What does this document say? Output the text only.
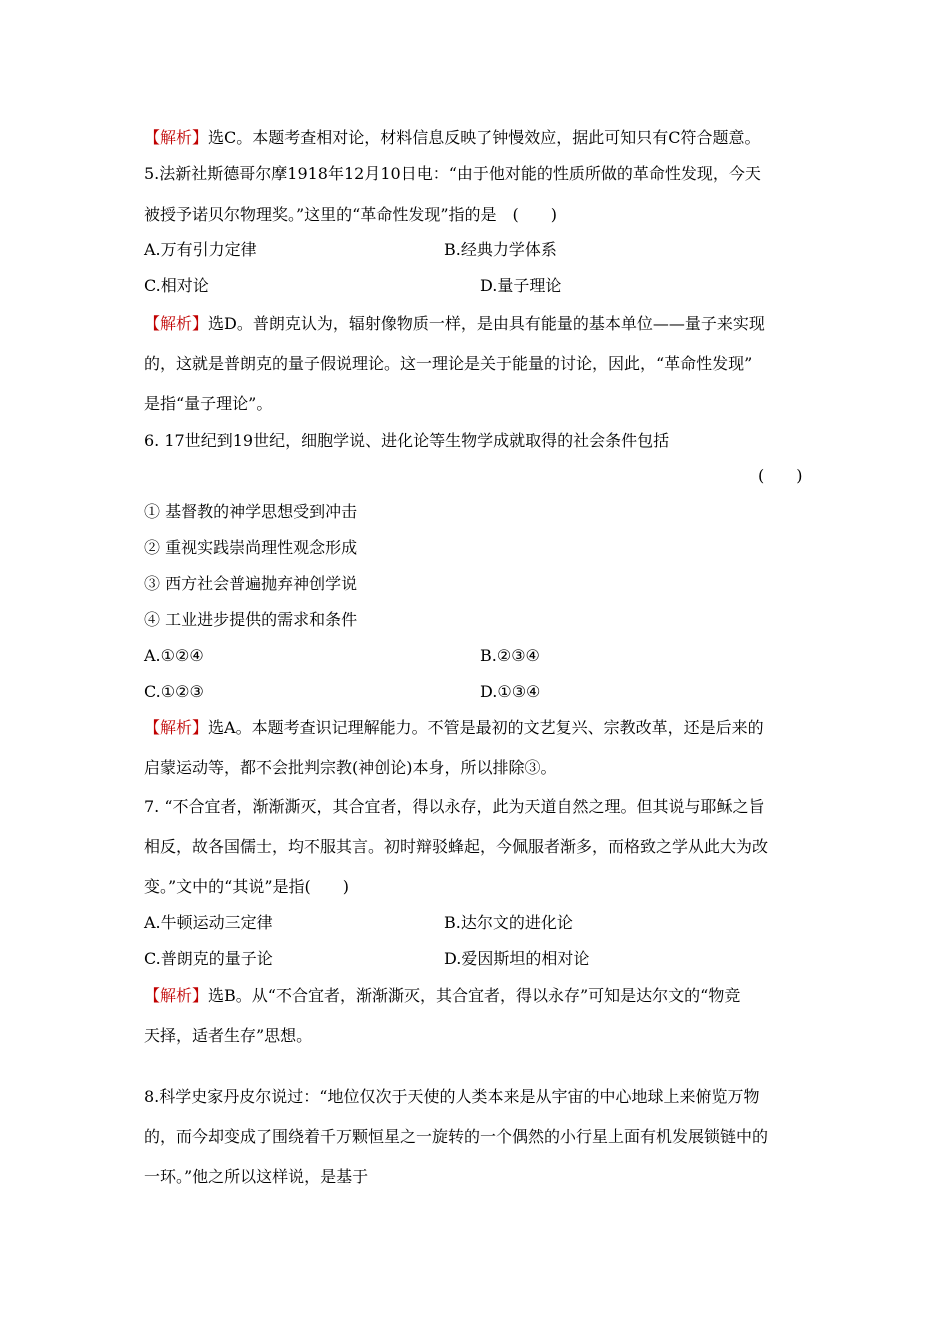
【解析】选C。本题考查相对论，材料信息反映了钟慢效应，据此可知只有C符合题意。
5.法新社斯德哥尔摩1918年12月10日电：“由于他对能的性质所做的革命性发现，今天
被授予诺贝尔物理奖。”这里的“革命性发现”指的是　(　　)
A.万有引力定律	B.经典力学体系
C.相对论	D.量子理论
【解析】选D。普朗克认为，辐射像物质一样，是由具有能量的基本单位——量子来实现
的，这就是普朗克的量子假说理论。这一理论是关于能量的讨论，因此，“革命性发现”
是指“量子理论”。
6. 17世纪到19世纪，细胞学说、进化论等生物学成就取得的社会条件包括
(　　)
① 基督教的神学思想受到冲击
② 重视实践崇尚理性观念形成
③ 西方社会普遍抛弃神创学说
④ 工业进步提供的需求和条件
A.①②④	B.②③④
C.①②③	D.①③④
【解析】选A。本题考查识记理解能力。不管是最初的文艺复兴、宗教改革，还是后来的
启蒙运动等，都不会批判宗教(神创论)本身，所以排除③。
7. “不合宜者，渐渐澌灭，其合宜者，得以永存，此为天道自然之理。但其说与耶稣之旨
相反，故各国儒士，均不服其言。初时辩驳蜂起，今佩服者渐多，而格致之学从此大为改
变。”文中的“其说”是指(　　)
A.牛顿运动三定律	B.达尔文的进化论
C.普朗克的量子论	D.爱因斯坦的相对论
【解析】选B。从“不合宜者，渐渐澌灭，其合宜者，得以永存”可知是达尔文的“物竞
天择，适者生存”思想。
8.科学史家丹皮尔说过：“地位仅次于天使的人类本来是从宇宙的中心地球上来俯览万物
的，而今却变成了围绕着千万颗恒星之一旋转的一个偶然的小行星上面有机发展锁链中的
一环。”他之所以这样说，是基于
